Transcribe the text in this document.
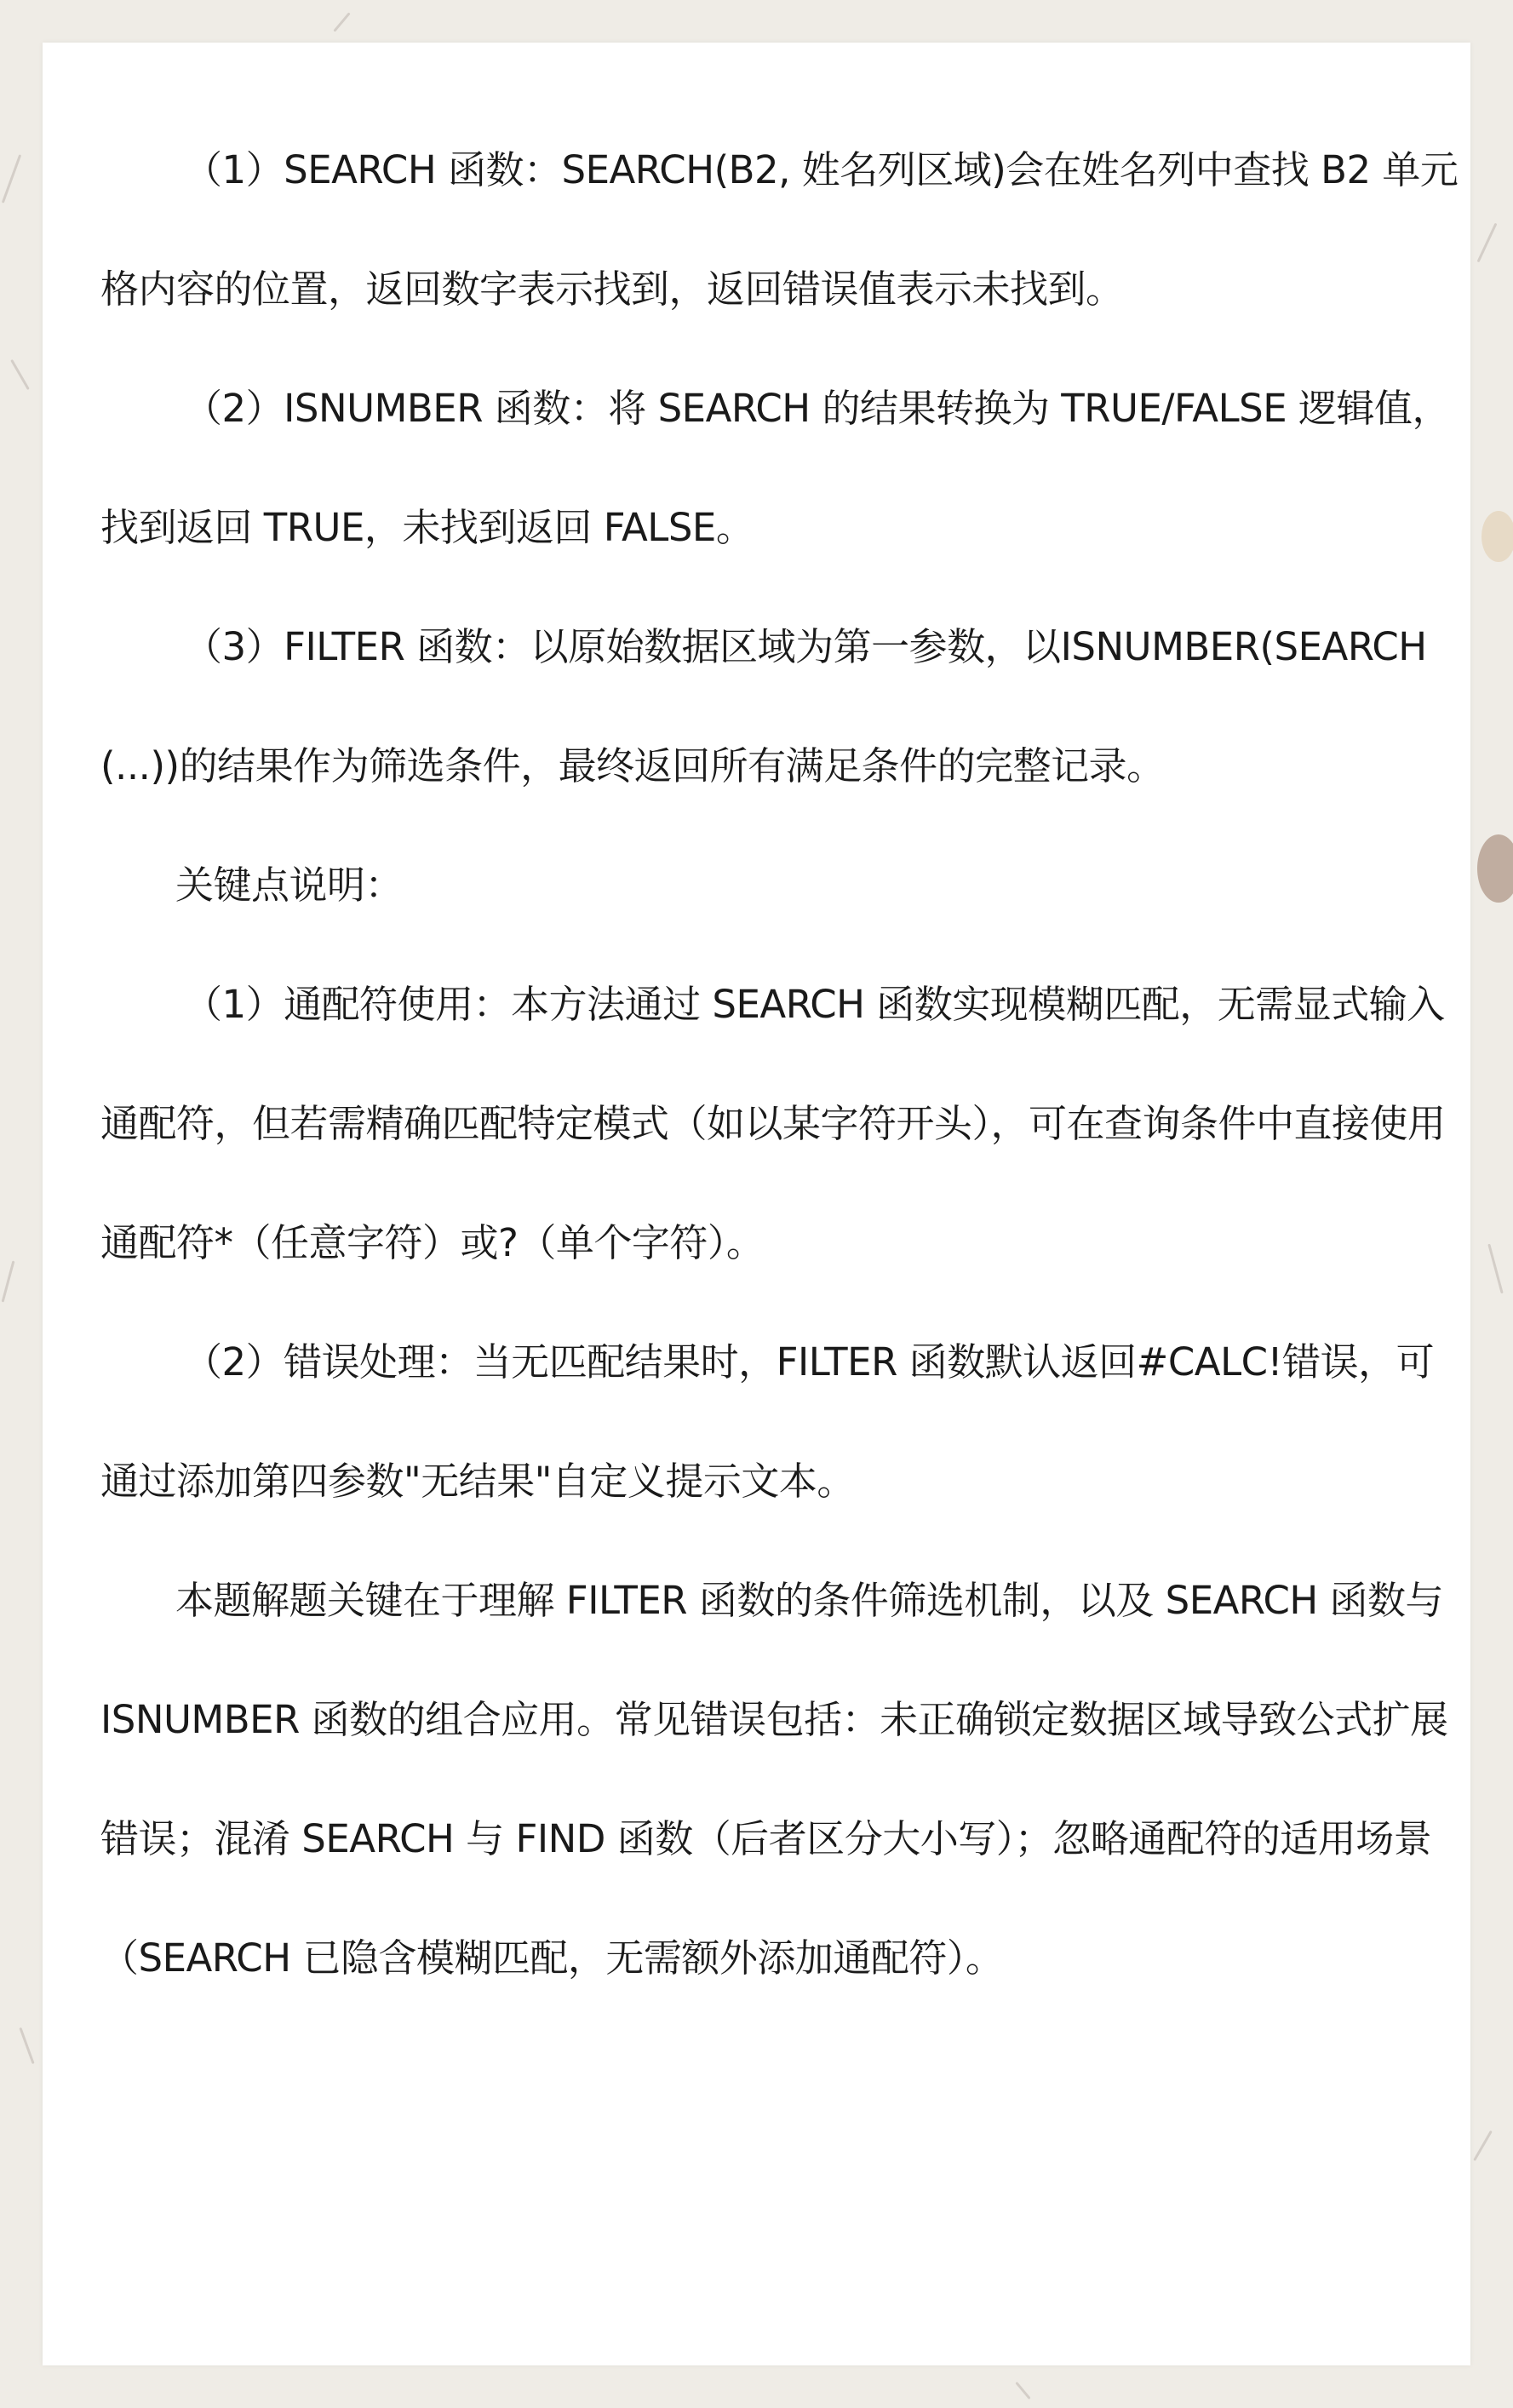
（1）SEARCH 函数：SEARCH(B2, 姓名列区域)会在姓名列中查找 B2 单元格内容的位置，返回数字表示找到，返回错误值表示未找到。

（2）ISNUMBER 函数：将 SEARCH 的结果转换为 TRUE/FALSE 逻辑值，找到返回 TRUE，未找到返回 FALSE。

（3）FILTER 函数：以原始数据区域为第一参数，以ISNUMBER(SEARCH(...))的结果作为筛选条件，最终返回所有满足条件的完整记录。

关键点说明：

（1）通配符使用：本方法通过 SEARCH 函数实现模糊匹配，无需显式输入通配符，但若需精确匹配特定模式（如以某字符开头），可在查询条件中直接使用通配符*（任意字符）或?（单个字符）。

（2）错误处理：当无匹配结果时，FILTER 函数默认返回#CALC!错误，可通过添加第四参数"无结果"自定义提示文本。

本题解题关键在于理解 FILTER 函数的条件筛选机制，以及 SEARCH 函数与 ISNUMBER 函数的组合应用。常见错误包括：未正确锁定数据区域导致公式扩展错误；混淆 SEARCH 与 FIND 函数（后者区分大小写）；忽略通配符的适用场景（SEARCH 已隐含模糊匹配，无需额外添加通配符）。
